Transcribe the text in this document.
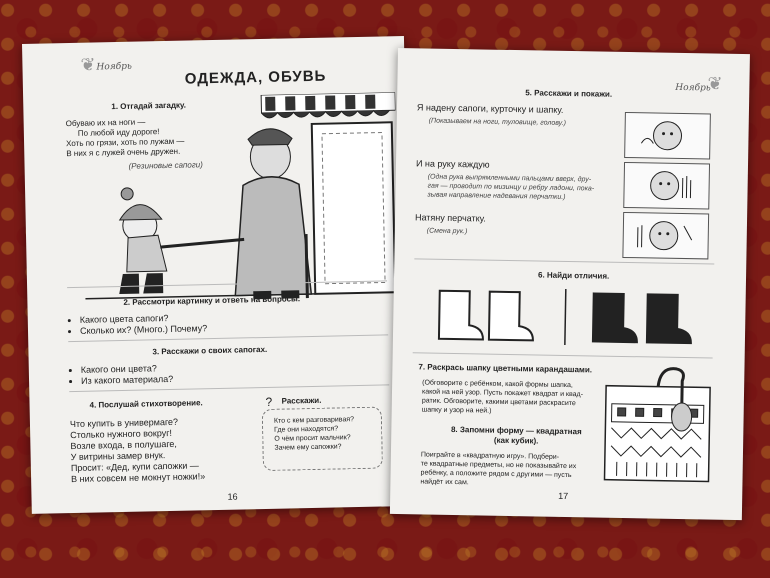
❦ Ноябрь
ОДЕЖДА, ОБУВЬ
1. Отгадай загадку.
Обуваю их на ноги —
По любой иду дороге!
Хоть по грязи, хоть по лужам —
В них я с лужей очень дружен.
(Резиновые сапоги)
2. Рассмотри картинку и ответь на вопросы.
• Какого цвета сапоги?
• Сколько их? (Много.) Почему?
3. Расскажи о своих сапогах.
• Какого они цвета?
• Из какого материала?
4. Послушай стихотворение.
Что купить в универмаге?
Столько нужного вокруг!
Возле входа, в полушаге,
У витрины замер внук.
Просит: «Дед, купи сапожки —
В них совсем не мокнут ножки!»
? Расскажи.
Кто с кем разговаривая?
Где они находятся?
О чём просит мальчик?
Зачем ему сапожки?
16
Ноябрь
❦
5. Расскажи и покажи.
Я надену сапоги, курточку и шапку.
(Показываем на ноги, туловище, голову.)
И на руку каждую
(Одна рука выпрямленными пальцами вверх, дру-
гая — проводит по мизинцу и ребру ладони, пока-
зывая направление надевания перчатки.)
Натяну перчатку.
(Смена рук.)
6. Найди отличия.
7. Раскрась шапку цветными карандашами.
(Обговорите с ребёнком, какой формы шапка,
какой на ней узор. Пусть покажет квадрат и квад-
ратик. Обговорите, какими цветами раскрасите
шапку и узор на ней.)
8. Запомни форму — квадратная
(как кубик).
Поиграйте в «квадратную игру». Подбери-
те квадратные предметы, но не показывайте их
ребёнку, а положите рядом с другими — пусть
найдёт их сам.
17
